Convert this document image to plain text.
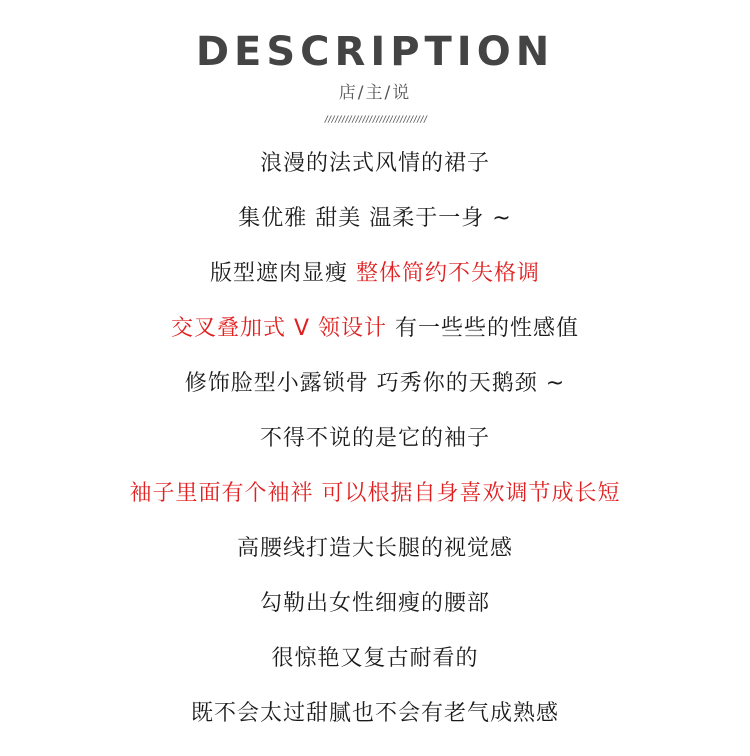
DESCRIPTION
店/主/说
//////////////////////////////
浪漫的法式风情的裙子
集优雅 甜美 温柔于一身 ~
版型遮肉显瘦 整体简约不失格调
交叉叠加式 V 领设计 有一些些的性感值
修饰脸型小露锁骨 巧秀你的天鹅颈 ~
不得不说的是它的袖子
袖子里面有个袖袢 可以根据自身喜欢调节成长短
高腰线打造大长腿的视觉感
勾勒出女性细瘦的腰部
很惊艳又复古耐看的
既不会太过甜腻也不会有老气成熟感
